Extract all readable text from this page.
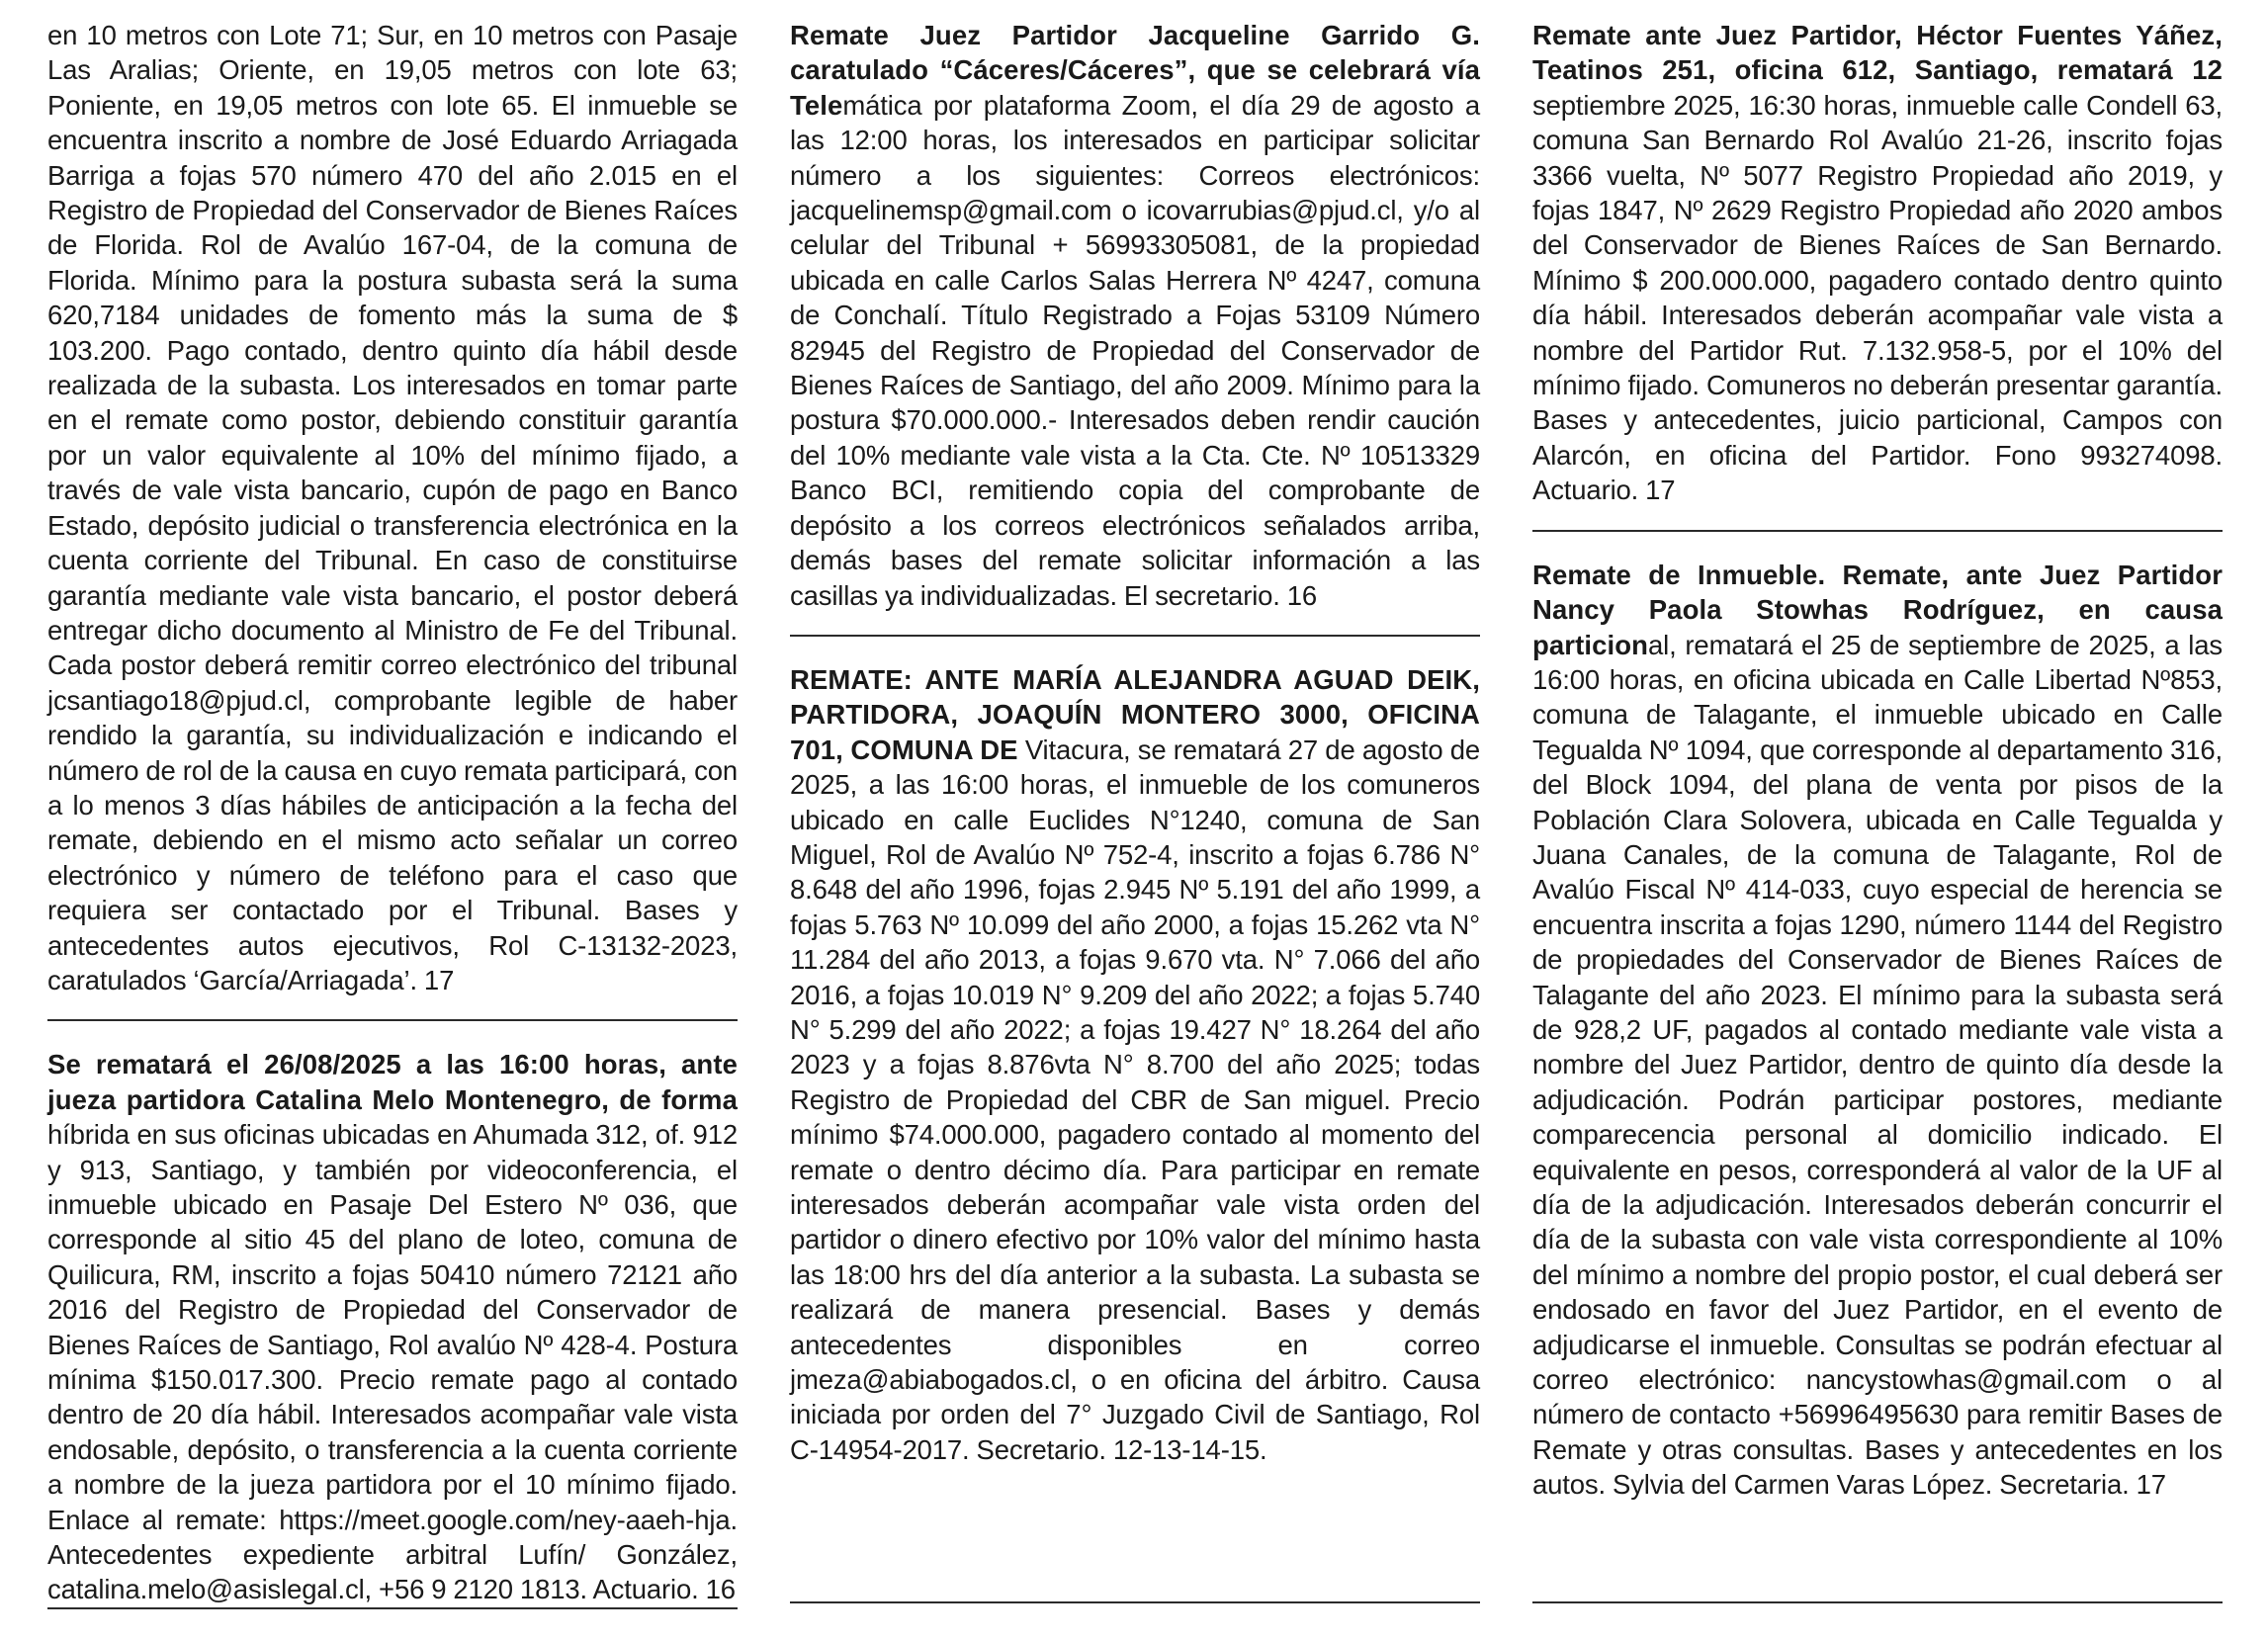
en 10 metros con Lote 71; Sur, en 10 metros con Pasaje Las Aralias; Oriente, en 19,05 metros con lote 63; Poniente, en 19,05 metros con lote 65. El inmueble se encuentra inscrito a nombre de José Eduardo Arriagada Barriga a fojas 570 número 470 del año 2.015 en el Registro de Propiedad del Conservador de Bienes Raíces de Florida. Rol de Avalúo 167-04, de la comuna de Florida. Mínimo para la postura subasta será la suma 620,7184 unidades de fomento más la suma de $ 103.200. Pago contado, dentro quinto día hábil desde realizada de la subasta. Los interesados en tomar parte en el remate como postor, debiendo constituir garantía por un valor equivalente al 10% del mínimo fijado, a través de vale vista bancario, cupón de pago en Banco Estado, depósito judicial o transferencia electrónica en la cuenta corriente del Tribunal. En caso de constituirse garantía mediante vale vista bancario, el postor deberá entregar dicho documento al Ministro de Fe del Tribunal. Cada postor deberá remitir correo electrónico del tribunal jcsantiago18@pjud.cl, comprobante legible de haber rendido la garantía, su individualización e indicando el número de rol de la causa en cuyo remata participará, con a lo menos 3 días hábiles de anticipación a la fecha del remate, debiendo en el mismo acto señalar un correo electrónico y número de teléfono para el caso que requiera ser contactado por el Tribunal. Bases y antecedentes autos ejecutivos, Rol C-13132-2023, caratulados ‘García/Arriagada’. 17
Se rematará el 26/08/2025 a las 16:00 horas, ante jueza partidora Catalina Melo Montenegro, de forma híbrida en sus oficinas ubicadas en Ahumada 312, of. 912 y 913, Santiago, y también por videoconferencia, el inmueble ubicado en Pasaje Del Estero Nº 036, que corresponde al sitio 45 del plano de loteo, comuna de Quilicura, RM, inscrito a fojas 50410 número 72121 año 2016 del Registro de Propiedad del Conservador de Bienes Raíces de Santiago, Rol avalúo Nº 428-4. Postura mínima $150.017.300. Precio remate pago al contado dentro de 20 día hábil. Interesados acompañar vale vista endosable, depósito, o transferencia a la cuenta corriente a nombre de la jueza partidora por el 10 mínimo fijado. Enlace al remate: https://meet.google.com/ney-aaeh-hja. Antecedentes expediente arbitral Lufín/ González, catalina.melo@asislegal.cl, +56 9 2120 1813. Actuario. 16
Remate Juez Partidor Jacqueline Garrido G. caratulado “Cáceres/Cáceres”, que se celebrará vía Telemática por plataforma Zoom, el día 29 de agosto a las 12:00 horas, los interesados en participar solicitar número a los siguientes: Correos electrónicos: jacquelinemsp@gmail.com o icovarrubias@pjud.cl, y/o al celular del Tribunal + 56993305081, de la propiedad ubicada en calle Carlos Salas Herrera Nº 4247, comuna de Conchalí. Título Registrado a Fojas 53109 Número 82945 del Registro de Propiedad del Conservador de Bienes Raíces de Santiago, del año 2009. Mínimo para la postura $70.000.000.- Interesados deben rendir caución del 10% mediante vale vista a la Cta. Cte. Nº 10513329 Banco BCI, remitiendo copia del comprobante de depósito a los correos electrónicos señalados arriba, demás bases del remate solicitar información a las casillas ya individualizadas. El secretario. 16
REMATE: ANTE MARÍA ALEJANDRA AGUAD DEIK, PARTIDORA, JOAQUÍN MONTERO 3000, OFICINA 701, COMUNA DE Vitacura, se rematará 27 de agosto de 2025, a las 16:00 horas, el inmueble de los comuneros ubicado en calle Euclides N°1240, comuna de San Miguel, Rol de Avalúo Nº 752-4, inscrito a fojas 6.786 N° 8.648 del año 1996, fojas 2.945 Nº 5.191 del año 1999, a fojas 5.763 Nº 10.099 del año 2000, a fojas 15.262 vta N° 11.284 del año 2013, a fojas 9.670 vta. N° 7.066 del año 2016, a fojas 10.019 N° 9.209 del año 2022; a fojas 5.740 N° 5.299 del año 2022; a fojas 19.427 N° 18.264 del año 2023 y a fojas 8.876vta N° 8.700 del año 2025; todas Registro de Propiedad del CBR de San miguel. Precio mínimo $74.000.000, pagadero contado al momento del remate o dentro décimo día. Para participar en remate interesados deberán acompañar vale vista orden del partidor o dinero efectivo por 10% valor del mínimo hasta las 18:00 hrs del día anterior a la subasta. La subasta se realizará de manera presencial. Bases y demás antecedentes disponibles en correo jmeza@abiabogados.cl, o en oficina del árbitro. Causa iniciada por orden del 7° Juzgado Civil de Santiago, Rol C-14954-2017. Secretario. 12-13-14-15.
Remate ante Juez Partidor, Héctor Fuentes Yáñez, Teatinos 251, oficina 612, Santiago, rematará 12 septiembre 2025, 16:30 horas, inmueble calle Condell 63, comuna San Bernardo Rol Avalúo 21-26, inscrito fojas 3366 vuelta, Nº 5077 Registro Propiedad año 2019, y fojas 1847, Nº 2629 Registro Propiedad año 2020 ambos del Conservador de Bienes Raíces de San Bernardo. Mínimo $ 200.000.000, pagadero contado dentro quinto día hábil. Interesados deberán acompañar vale vista a nombre del Partidor Rut. 7.132.958-5, por el 10% del mínimo fijado. Comuneros no deberán presentar garantía. Bases y antecedentes, juicio particional, Campos con Alarcón, en oficina del Partidor. Fono 993274098. Actuario. 17
Remate de Inmueble. Remate, ante Juez Partidor Nancy Paola Stowhas Rodríguez, en causa particional, rematará el 25 de septiembre de 2025, a las 16:00 horas, en oficina ubicada en Calle Libertad Nº853, comuna de Talagante, el inmueble ubicado en Calle Tegualda Nº 1094, que corresponde al departamento 316, del Block 1094, del plana de venta por pisos de la Población Clara Solovera, ubicada en Calle Tegualda y Juana Canales, de la comuna de Talagante, Rol de Avalúo Fiscal Nº 414-033, cuyo especial de herencia se encuentra inscrita a fojas 1290, número 1144 del Registro de propiedades del Conservador de Bienes Raíces de Talagante del año 2023. El mínimo para la subasta será de 928,2 UF, pagados al contado mediante vale vista a nombre del Juez Partidor, dentro de quinto día desde la adjudicación. Podrán participar postores, mediante comparecencia personal al domicilio indicado. El equivalente en pesos, corresponderá al valor de la UF al día de la adjudicación. Interesados deberán concurrir el día de la subasta con vale vista correspondiente al 10% del mínimo a nombre del propio postor, el cual deberá ser endosado en favor del Juez Partidor, en el evento de adjudicarse el inmueble. Consultas se podrán efectuar al correo electrónico: nancystowhas@gmail.com o al número de contacto +56996495630 para remitir Bases de Remate y otras consultas. Bases y antecedentes en los autos. Sylvia del Carmen Varas López. Secretaria. 17
